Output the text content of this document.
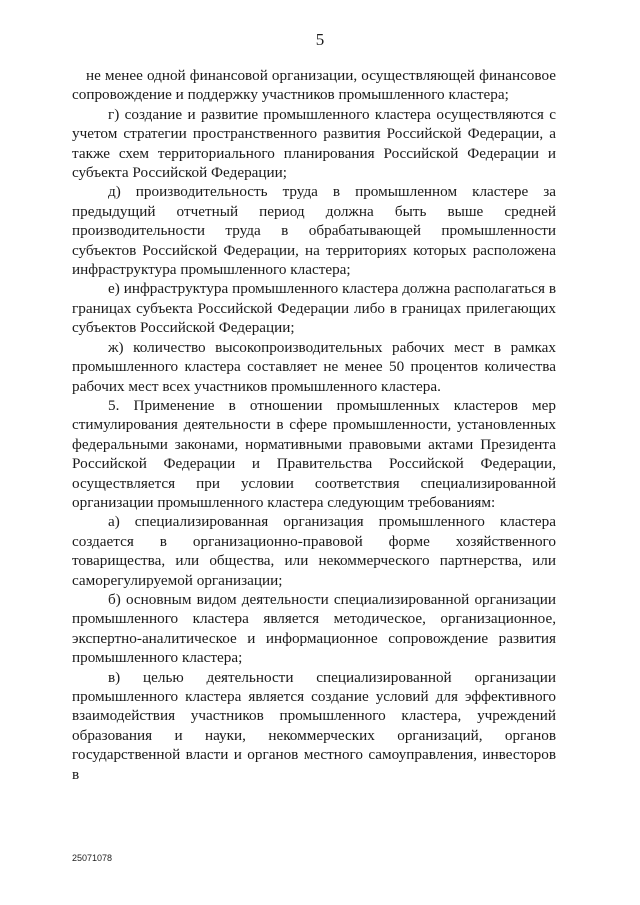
5

не менее одной финансовой организации, осуществляющей финансовое сопровождение и поддержку участников промышленного кластера;

г) создание и развитие промышленного кластера осуществляются с учетом стратегии пространственного развития Российской Федерации, а также схем территориального планирования Российской Федерации и субъекта Российской Федерации;

д) производительность труда в промышленном кластере за предыдущий отчетный период должна быть выше средней производительности труда в обрабатывающей промышленности субъектов Российской Федерации, на территориях которых расположена инфраструктура промышленного кластера;

е) инфраструктура промышленного кластера должна располагаться в границах субъекта Российской Федерации либо в границах прилегающих субъектов Российской Федерации;

ж) количество высокопроизводительных рабочих мест в рамках промышленного кластера составляет не менее 50 процентов количества рабочих мест всех участников промышленного кластера.

5. Применение в отношении промышленных кластеров мер стимулирования деятельности в сфере промышленности, установленных федеральными законами, нормативными правовыми актами Президента Российской Федерации и Правительства Российской Федерации, осуществляется при условии соответствия специализированной организации промышленного кластера следующим требованиям:

а) специализированная организация промышленного кластера создается в организационно-правовой форме хозяйственного товарищества, или общества, или некоммерческого партнерства, или саморегулируемой организации;

б) основным видом деятельности специализированной организации промышленного кластера является методическое, организационное, экспертно-аналитическое и информационное сопровождение развития промышленного кластера;

в) целью деятельности специализированной организации промышленного кластера является создание условий для эффективного взаимодействия участников промышленного кластера, учреждений образования и науки, некоммерческих организаций, органов государственной власти и органов местного самоуправления, инвесторов в

25071078
